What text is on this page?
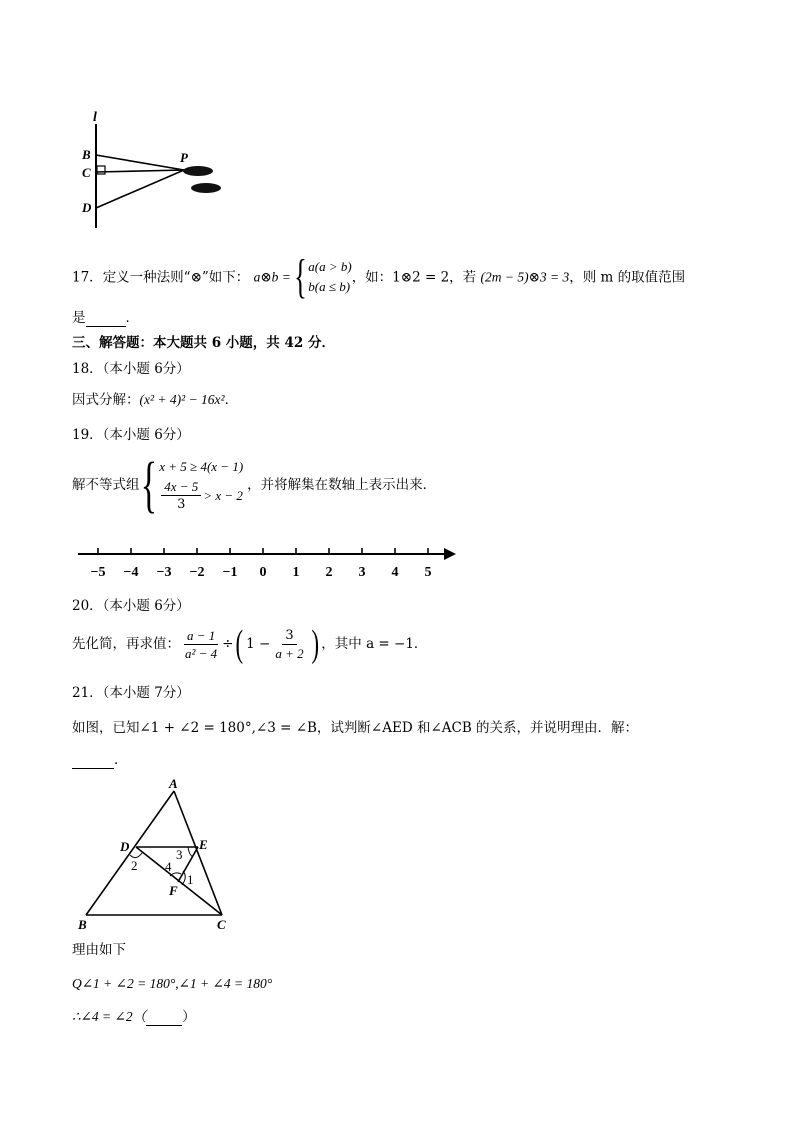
l
B
C
D
P
17．定义一种法则“⊗”如下： a⊗b = { a(a > b)
b(a ≤ b)
，如：1⊗2 = 2，若 (2m − 5)⊗3 = 3，则 m 的取值范围
是	．
三、解答题：本大题共 6 小题，共 42 分．
18．（本小题 6分）
因式分解：(x² + 4)² − 16x²．
19．（本小题 6分）
解不等式组 { x + 5 ≥ 4(x − 1)
$\frac{4x - 5}{3} > x - 2$
，并将解集在数轴上表示出来．
−5 −4 −3 −2 −1 0 1 2 3 4 5
20．（本小题 6分）
先化简，再求值： $\frac{a - 1}{\text{a² − 4}}$ ÷ ( $1 - \frac{3}{a + 2}$ ) ，其中 a = −1．
21．（本小题 7分）
如图，已知∠1 + ∠2 = 180°,∠3 = ∠B，试判断∠AED 和∠ACB 的关系，并说明理由．解：
．
A
B	C
D	E
F
1
2
3
4
理由如下
Q∠1 + ∠2 = 180°,∠1 + ∠4 = 180°
∴∠4 = ∠2（	）
